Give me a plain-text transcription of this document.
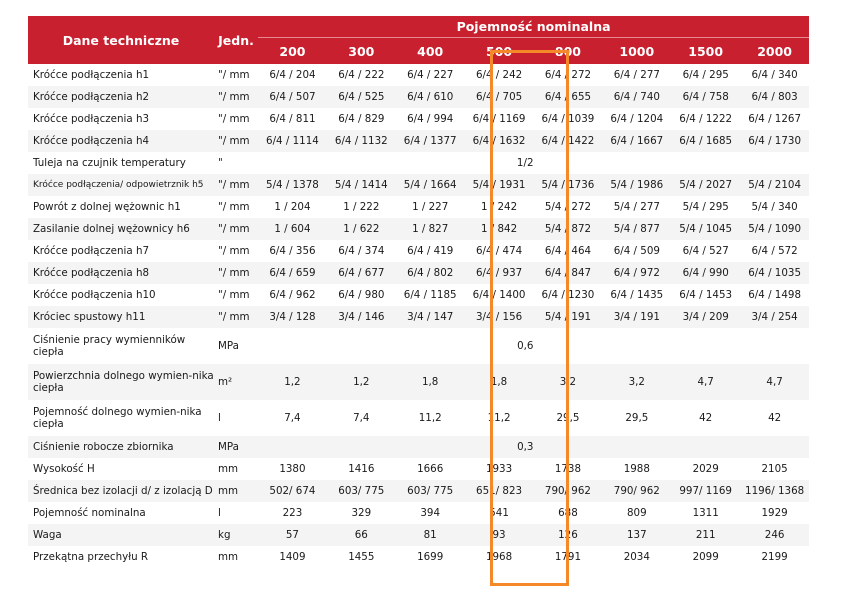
Dane techniczne	Jedn.	Pojemność nominalna							
		200	300	400	500	800	1000	1500	2000
Króćce podłączenia h1	"/ mm	6/4 / 204	6/4 / 222	6/4 / 227	6/4 / 242	6/4 / 272	6/4 / 277	6/4 / 295	6/4 / 340
Króćce podłączenia h2	"/ mm	6/4 / 507	6/4 / 525	6/4 / 610	6/4 / 705	6/4 / 655	6/4 / 740	6/4 / 758	6/4 / 803
Króćce podłączenia h3	"/ mm	6/4 / 811	6/4 / 829	6/4 / 994	6/4 / 1169	6/4 / 1039	6/4 / 1204	6/4 / 1222	6/4 / 1267
Króćce podłączenia h4	"/ mm	6/4 / 1114	6/4 / 1132	6/4 / 1377	6/4 / 1632	6/4 / 1422	6/4 / 1667	6/4 / 1685	6/4 / 1730
Tuleja na czujnik temperatury	"	1/2							
Króćce podłączenia/ odpowietrznik h5	"/ mm	5/4 / 1378	5/4 / 1414	5/4 / 1664	5/4 / 1931	5/4 / 1736	5/4 / 1986	5/4 / 2027	5/4 / 2104
Powrót z dolnej wężownic h1	"/ mm	1 / 204	1 / 222	1 / 227	1 / 242	5/4 / 272	5/4 / 277	5/4 / 295	5/4 / 340
Zasilanie dolnej wężownicy h6	"/ mm	1 / 604	1 / 622	1 / 827	1 / 842	5/4 / 872	5/4 / 877	5/4 / 1045	5/4 / 1090
Króćce podłączenia h7	"/ mm	6/4 / 356	6/4 / 374	6/4 / 419	6/4 / 474	6/4 / 464	6/4 / 509	6/4 / 527	6/4 / 572
Króćce podłączenia h8	"/ mm	6/4 / 659	6/4 / 677	6/4 / 802	6/4 / 937	6/4 / 847	6/4 / 972	6/4 / 990	6/4 / 1035
Króćce podłączenia h10	"/ mm	6/4 / 962	6/4 / 980	6/4 / 1185	6/4 / 1400	6/4 / 1230	6/4 / 1435	6/4 / 1453	6/4 / 1498
Króciec spustowy h11	"/ mm	3/4 / 128	3/4 / 146	3/4 / 147	3/4 / 156	5/4 / 191	3/4 / 191	3/4 / 209	3/4 / 254
Ciśnienie pracy wymienników ciepła	MPa	0,6							
Powierzchnia dolnego wymien-nika ciepła	m²	1,2	1,2	1,8	1,8	3,2	3,2	4,7	4,7
Pojemność dolnego wymien-nika ciepła	l	7,4	7,4	11,2	11,2	29,5	29,5	42	42
Ciśnienie robocze zbiornika	MPa	0,3							
Wysokość H	mm	1380	1416	1666	1933	1738	1988	2029	2105
Średnica bez izolacji d/ z izolacją D	mm	502/ 674	603/ 775	603/ 775	651/ 823	790/ 962	790/ 962	997/ 1169	1196/ 1368
Pojemność nominalna	l	223	329	394	541	688	809	1311	1929
Waga	kg	57	66	81	93	126	137	211	246
Przekątna przechyłu R	mm	1409	1455	1699	1968	1791	2034	2099	2199
